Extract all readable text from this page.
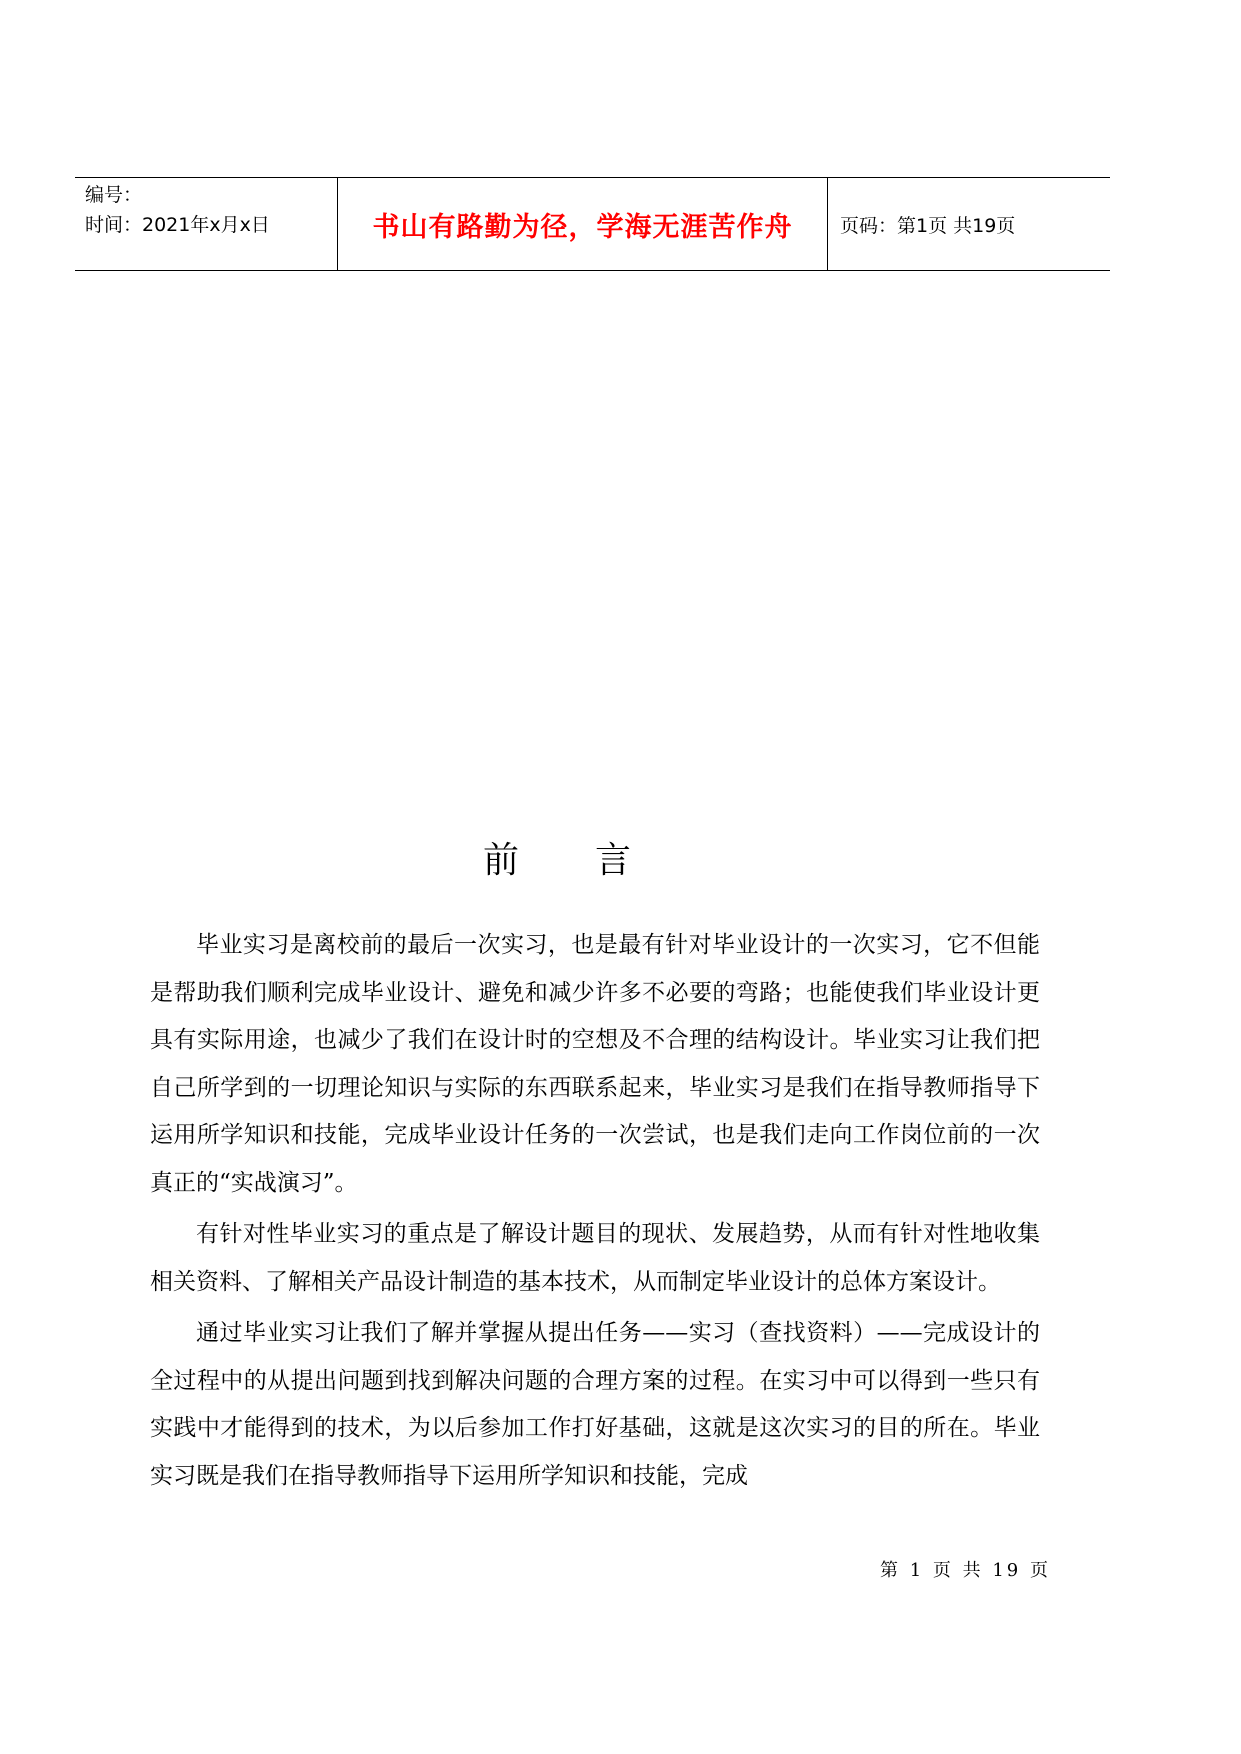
编号：
时间：2021年x月x日	书山有路勤为径，学海无涯苦作舟	页码：第1页 共19页
前言

毕业实习是离校前的最后一次实习，也是最有针对毕业设计的一次实习，它不但能是帮助我们顺利完成毕业设计、避免和减少许多不必要的弯路；也能使我们毕业设计更具有实际用途，也减少了我们在设计时的空想及不合理的结构设计。毕业实习让我们把自己所学到的一切理论知识与实际的东西联系起来，毕业实习是我们在指导教师指导下运用所学知识和技能，完成毕业设计任务的一次尝试，也是我们走向工作岗位前的一次真正的“实战演习”。

有针对性毕业实习的重点是了解设计题目的现状、发展趋势，从而有针对性地收集相关资料、了解相关产品设计制造的基本技术，从而制定毕业设计的总体方案设计。

通过毕业实习让我们了解并掌握从提出任务——实习（查找资料）——完成设计的全过程中的从提出问题到找到解决问题的合理方案的过程。在实习中可以得到一些只有实践中才能得到的技术，为以后参加工作打好基础，这就是这次实习的目的所在。毕业实习既是我们在指导教师指导下运用所学知识和技能，完成

第 1 页 共 19 页
